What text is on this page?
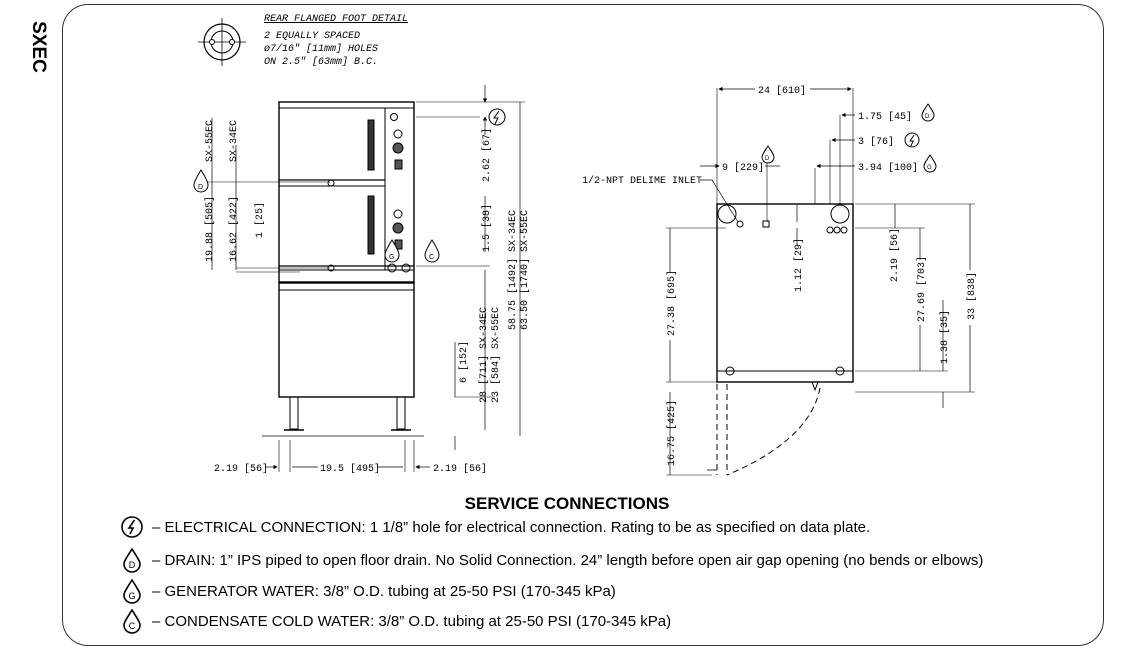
SXEC
REAR FLANGED FOOT DETAIL
2 EQUALLY SPACED
ø7/16" [11mm] HOLES
ON 2.5" [63mm] B.C.
SX-55EC SX-34EC
19.88 [505] 16.62 [422] 1 [25]
2.62 [67]
1.5 [38] 58.75 [1492] SX-34EC 63.50 [1740] SX-55EC
6 [152] 28 [711] SX-34EC 23 [584] SX-55EC
2.19 [56]	19.5 [495]	2.19 [56]
D
G	C
24 [610]
1.75 [45]
3 [76]
3.94 [100]
9 [229]
1/2-NPT DELIME INLET
1.12 [29]	2.19 [56]
27.38 [695]	27.69 [703]	33 [838]
1.38 [35]
16.75 [425]
D
D
G
SERVICE CONNECTIONS
– ELECTRICAL CONNECTION: 1 1/8” hole for electrical connection. Rating to be as specified on data plate.
D – DRAIN: 1” IPS piped to open floor drain. No Solid Connection. 24” length before open air gap opening (no bends or elbows)
G – GENERATOR WATER: 3/8” O.D. tubing at 25-50 PSI (170-345 kPa)
C – CONDENSATE COLD WATER: 3/8” O.D. tubing at 25-50 PSI (170-345 kPa)
